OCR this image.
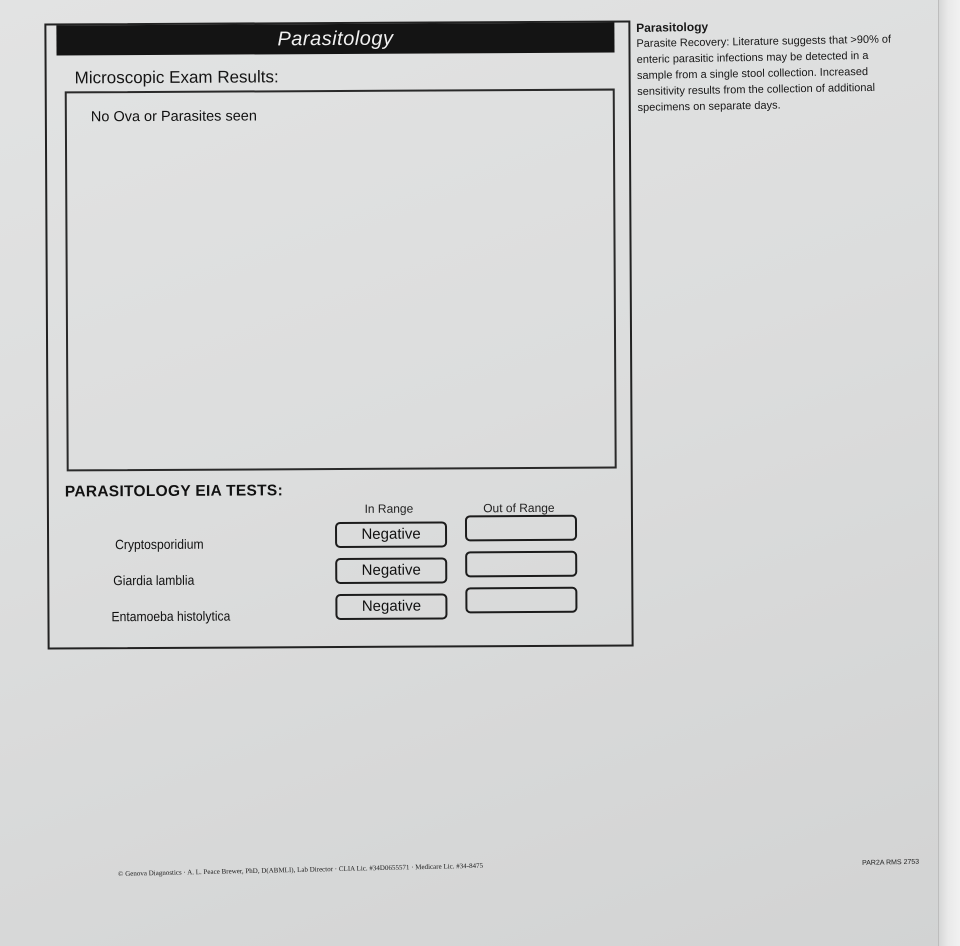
Parasitology
Microscopic Exam Results:
No Ova or Parasites seen
PARASITOLOGY EIA TESTS:
In Range	Out of Range
Cryptosporidium
Negative
Giardia lamblia
Negative
Entamoeba histolytica
Negative
Parasitology
Parasite Recovery: Literature suggests that >90% of enteric parasitic infections may be detected in a sample from a single stool collection. Increased sensitivity results from the collection of additional specimens on separate days.
© Genova Diagnostics · A. L. Peace Brewer, PhD, D(ABMLI), Lab Director · CLIA Lic. #34D0655571 · Medicare Lic. #34-8475	PAR2A RMS 2753
